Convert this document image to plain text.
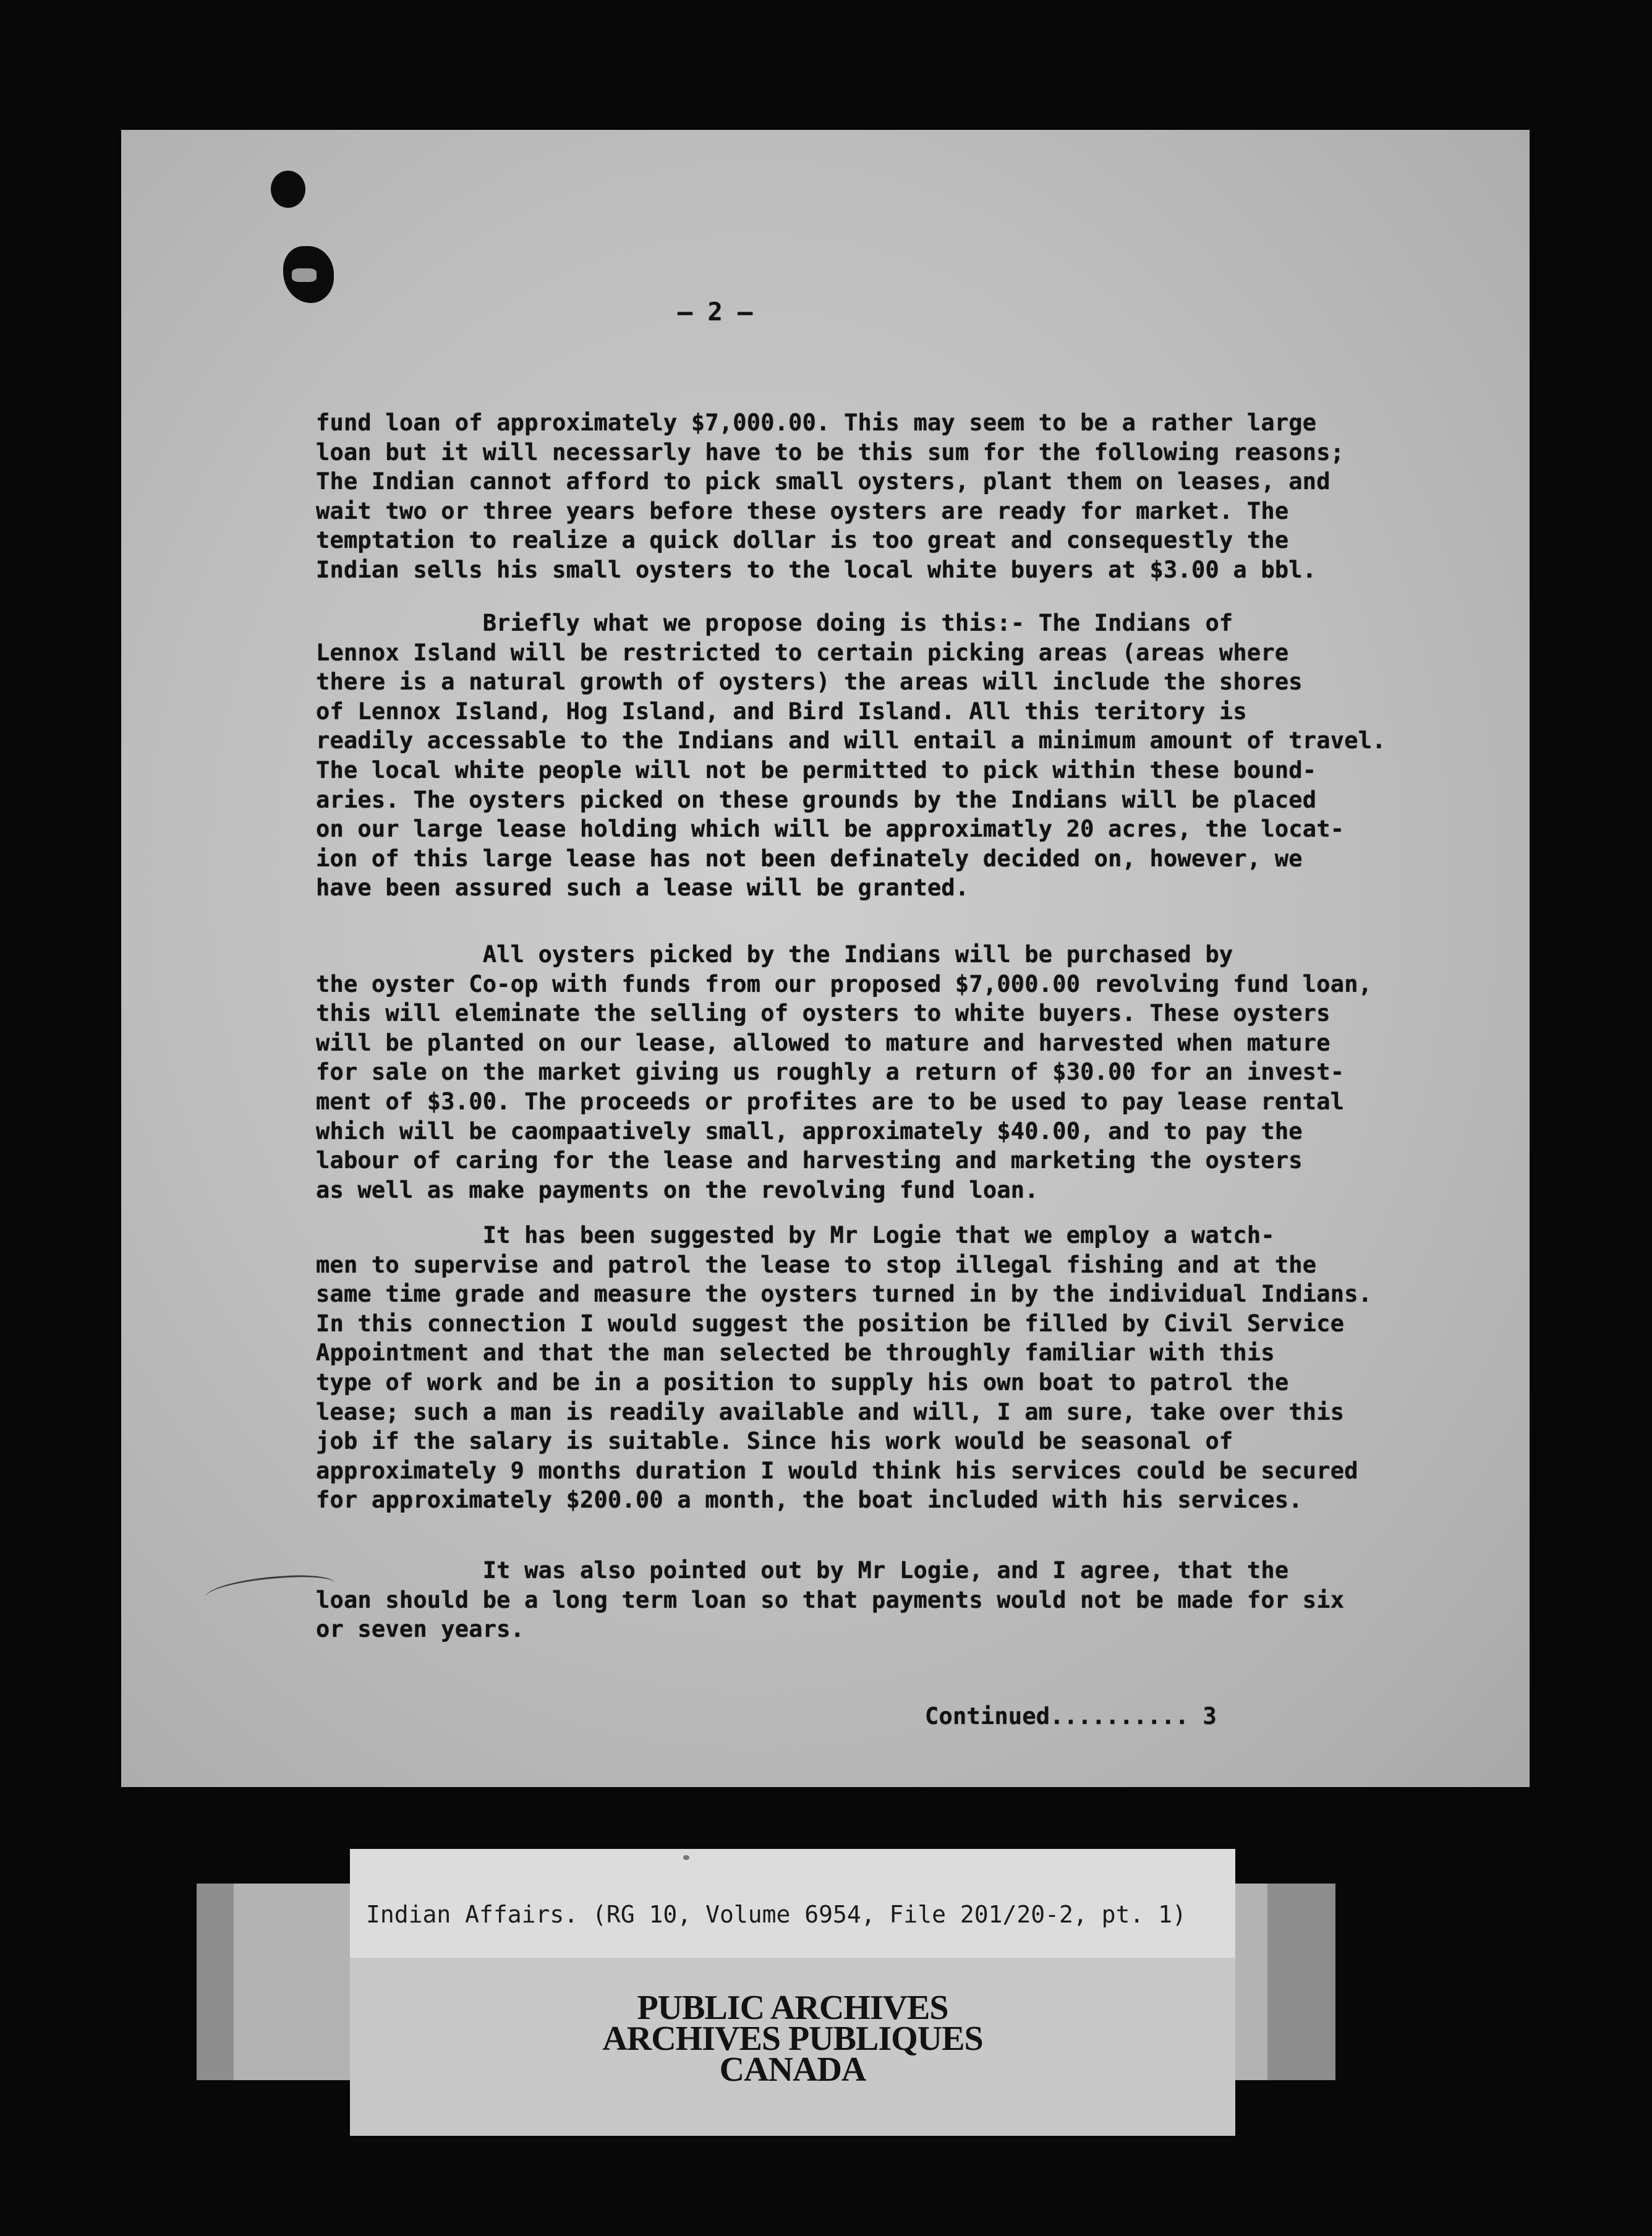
— 2 —
fund loan of approximately $7,000.00. This may seem to be a rather large
loan but it will necessarly have to be this sum for the following reasons;
The Indian cannot afford to pick small oysters, plant them on leases, and
wait two or three years before these oysters are ready for market. The
temptation to realize a quick dollar is too great and consequestly the
Indian sells his small oysters to the local white buyers at $3.00 a bbl.
Briefly what we propose doing is this:- The Indians of
Lennox Island will be restricted to certain picking areas (areas where
there is a natural growth of oysters) the areas will include the shores
of Lennox Island, Hog Island, and Bird Island. All this teritory is
readily accessable to the Indians and will entail a minimum amount of travel.
The local white people will not be permitted to pick within these bound-
aries. The oysters picked on these grounds by the Indians will be placed
on our large lease holding which will be approximatly 20 acres, the locat-
ion of this large lease has not been definately decided on, however, we
have been assured such a lease will be granted.
All oysters picked by the Indians will be purchased by
the oyster Co-op with funds from our proposed $7,000.00 revolving fund loan,
this will eleminate the selling of oysters to white buyers. These oysters
will be planted on our lease, allowed to mature and harvested when mature
for sale on the market giving us roughly a return of $30.00 for an invest-
ment of $3.00. The proceeds or profites are to be used to pay lease rental
which will be caompaatively small, approximately $40.00, and to pay the
labour of caring for the lease and harvesting and marketing the oysters
as well as make payments on the revolving fund loan.
It has been suggested by Mr Logie that we employ a watch-
men to supervise and patrol the lease to stop illegal fishing and at the
same time grade and measure the oysters turned in by the individual Indians.
In this connection I would suggest the position be filled by Civil Service
Appointment and that the man selected be throughly familiar with this
type of work and be in a position to supply his own boat to patrol the
lease; such a man is readily available and will, I am sure, take over this
job if the salary is suitable. Since his work would be seasonal of
approximately 9 months duration I would think his services could be secured
for approximately $200.00 a month, the boat included with his services.
It was also pointed out by Mr Logie, and I agree, that the
loan should be a long term loan so that payments would not be made for six
or seven years.
Continued.......... 3
Indian Affairs. (RG 10, Volume 6954, File 201/20-2, pt. 1)
PUBLIC ARCHIVES
ARCHIVES PUBLIQUES
CANADA
